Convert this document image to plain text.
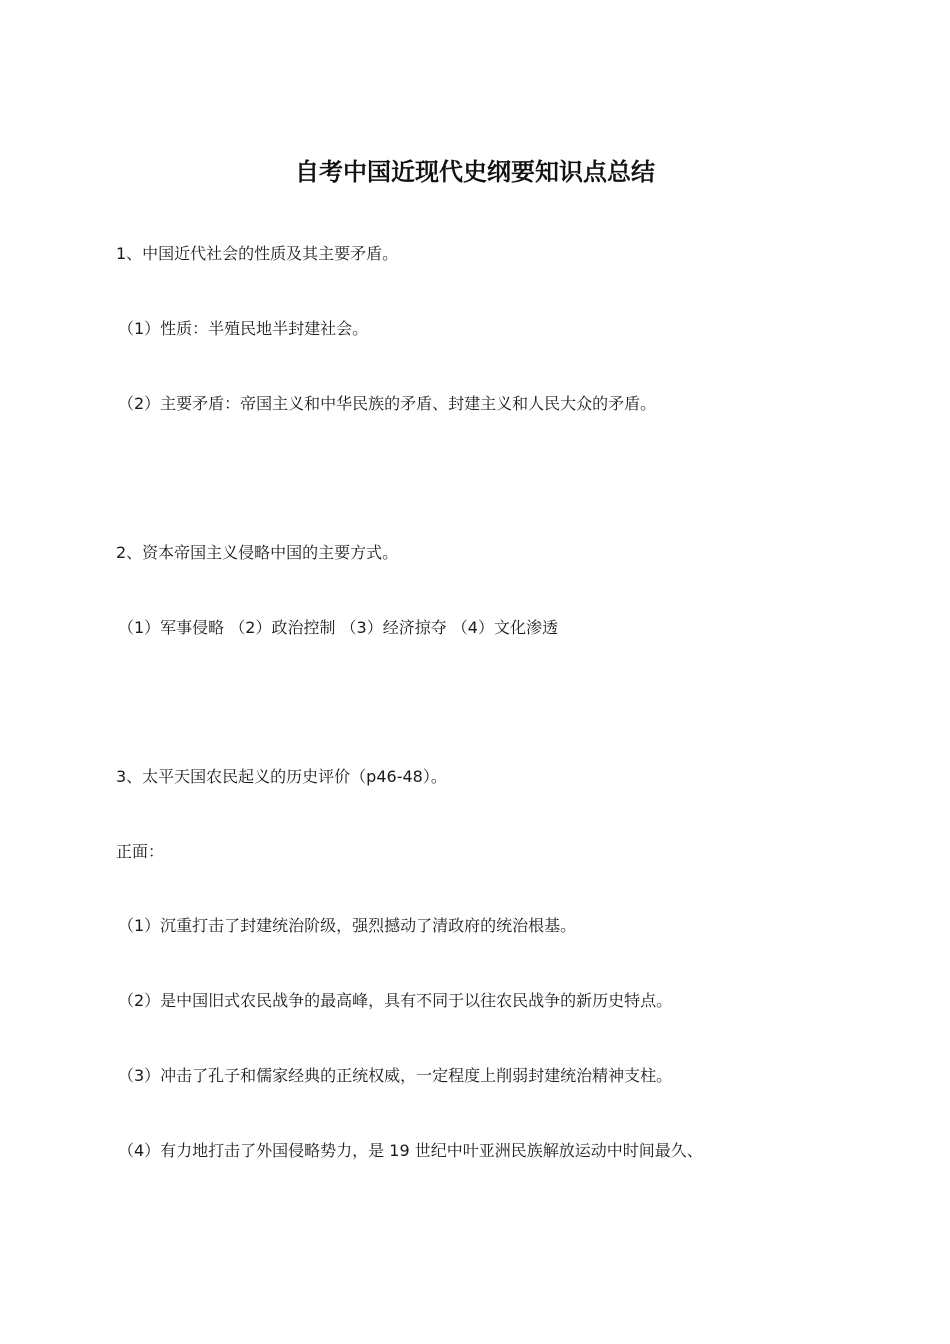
自考中国近现代史纲要知识点总结

1、中国近代社会的性质及其主要矛盾。

（1）性质：半殖民地半封建社会。

（2）主要矛盾：帝国主义和中华民族的矛盾、封建主义和人民大众的矛盾。

2、资本帝国主义侵略中国的主要方式。

（1）军事侵略 （2）政治控制 （3）经济掠夺 （4）文化渗透

3、太平天国农民起义的历史评价（p46-48）。

正面：

（1）沉重打击了封建统治阶级，强烈撼动了清政府的统治根基。

（2）是中国旧式农民战争的最高峰，具有不同于以往农民战争的新历史特点。

（3）冲击了孔子和儒家经典的正统权威，一定程度上削弱封建统治精神支柱。

（4）有力地打击了外国侵略势力，是 19 世纪中叶亚洲民族解放运动中时间最久、
